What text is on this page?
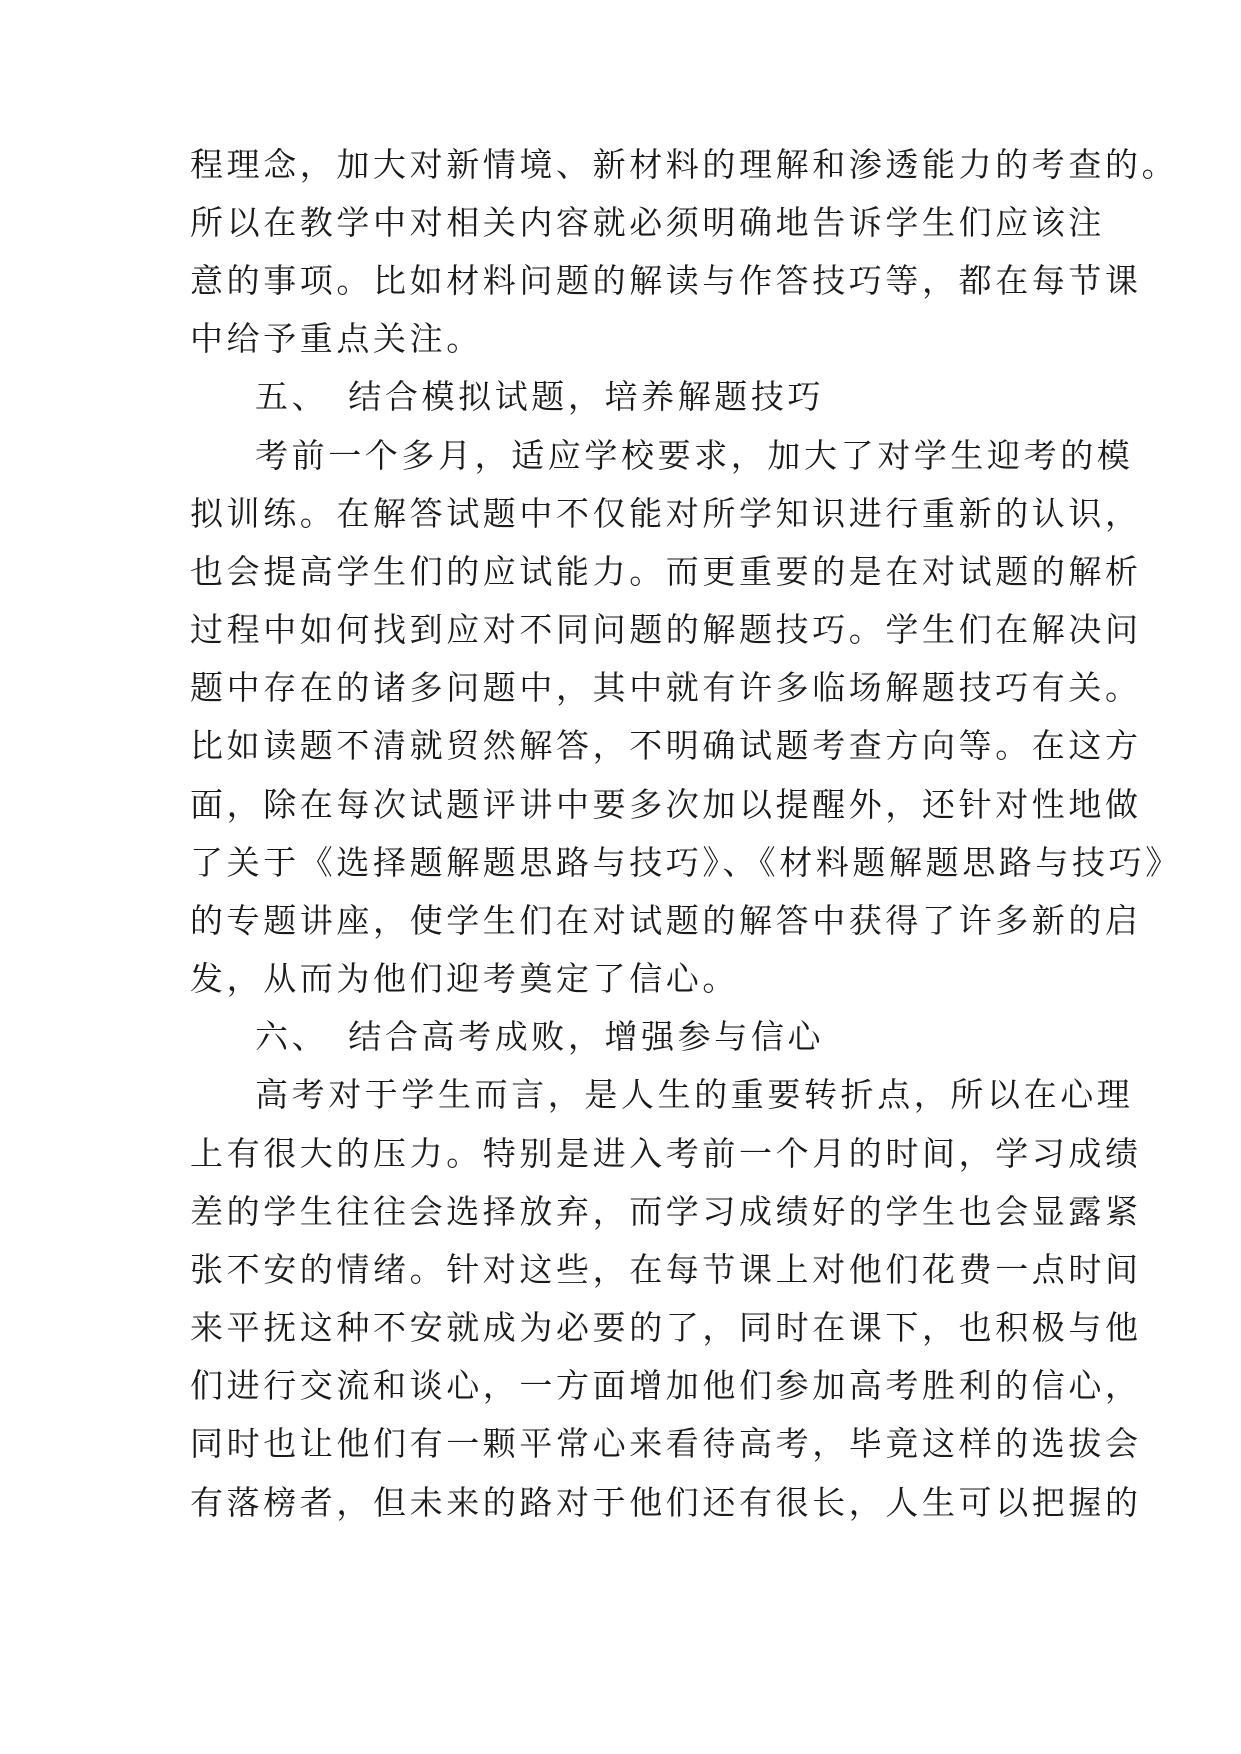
程理念，加大对新情境、新材料的理解和渗透能力的考查的。
所以在教学中对相关内容就必须明确地告诉学生们应该注
意的事项。比如材料问题的解读与作答技巧等，都在每节课
中给予重点关注。
五、　结合模拟试题，培养解题技巧
考前一个多月，适应学校要求，加大了对学生迎考的模
拟训练。在解答试题中不仅能对所学知识进行重新的认识，
也会提高学生们的应试能力。而更重要的是在对试题的解析
过程中如何找到应对不同问题的解题技巧。学生们在解决问
题中存在的诸多问题中，其中就有许多临场解题技巧有关。
比如读题不清就贸然解答，不明确试题考查方向等。在这方
面，除在每次试题评讲中要多次加以提醒外，还针对性地做
了关于《选择题解题思路与技巧》、《材料题解题思路与技巧》
的专题讲座，使学生们在对试题的解答中获得了许多新的启
发，从而为他们迎考奠定了信心。
六、　结合高考成败，增强参与信心
高考对于学生而言，是人生的重要转折点，所以在心理
上有很大的压力。特别是进入考前一个月的时间，学习成绩
差的学生往往会选择放弃，而学习成绩好的学生也会显露紧
张不安的情绪。针对这些，在每节课上对他们花费一点时间
来平抚这种不安就成为必要的了，同时在课下，也积极与他
们进行交流和谈心，一方面增加他们参加高考胜利的信心，
同时也让他们有一颗平常心来看待高考，毕竟这样的选拔会
有落榜者，但未来的路对于他们还有很长，人生可以把握的
